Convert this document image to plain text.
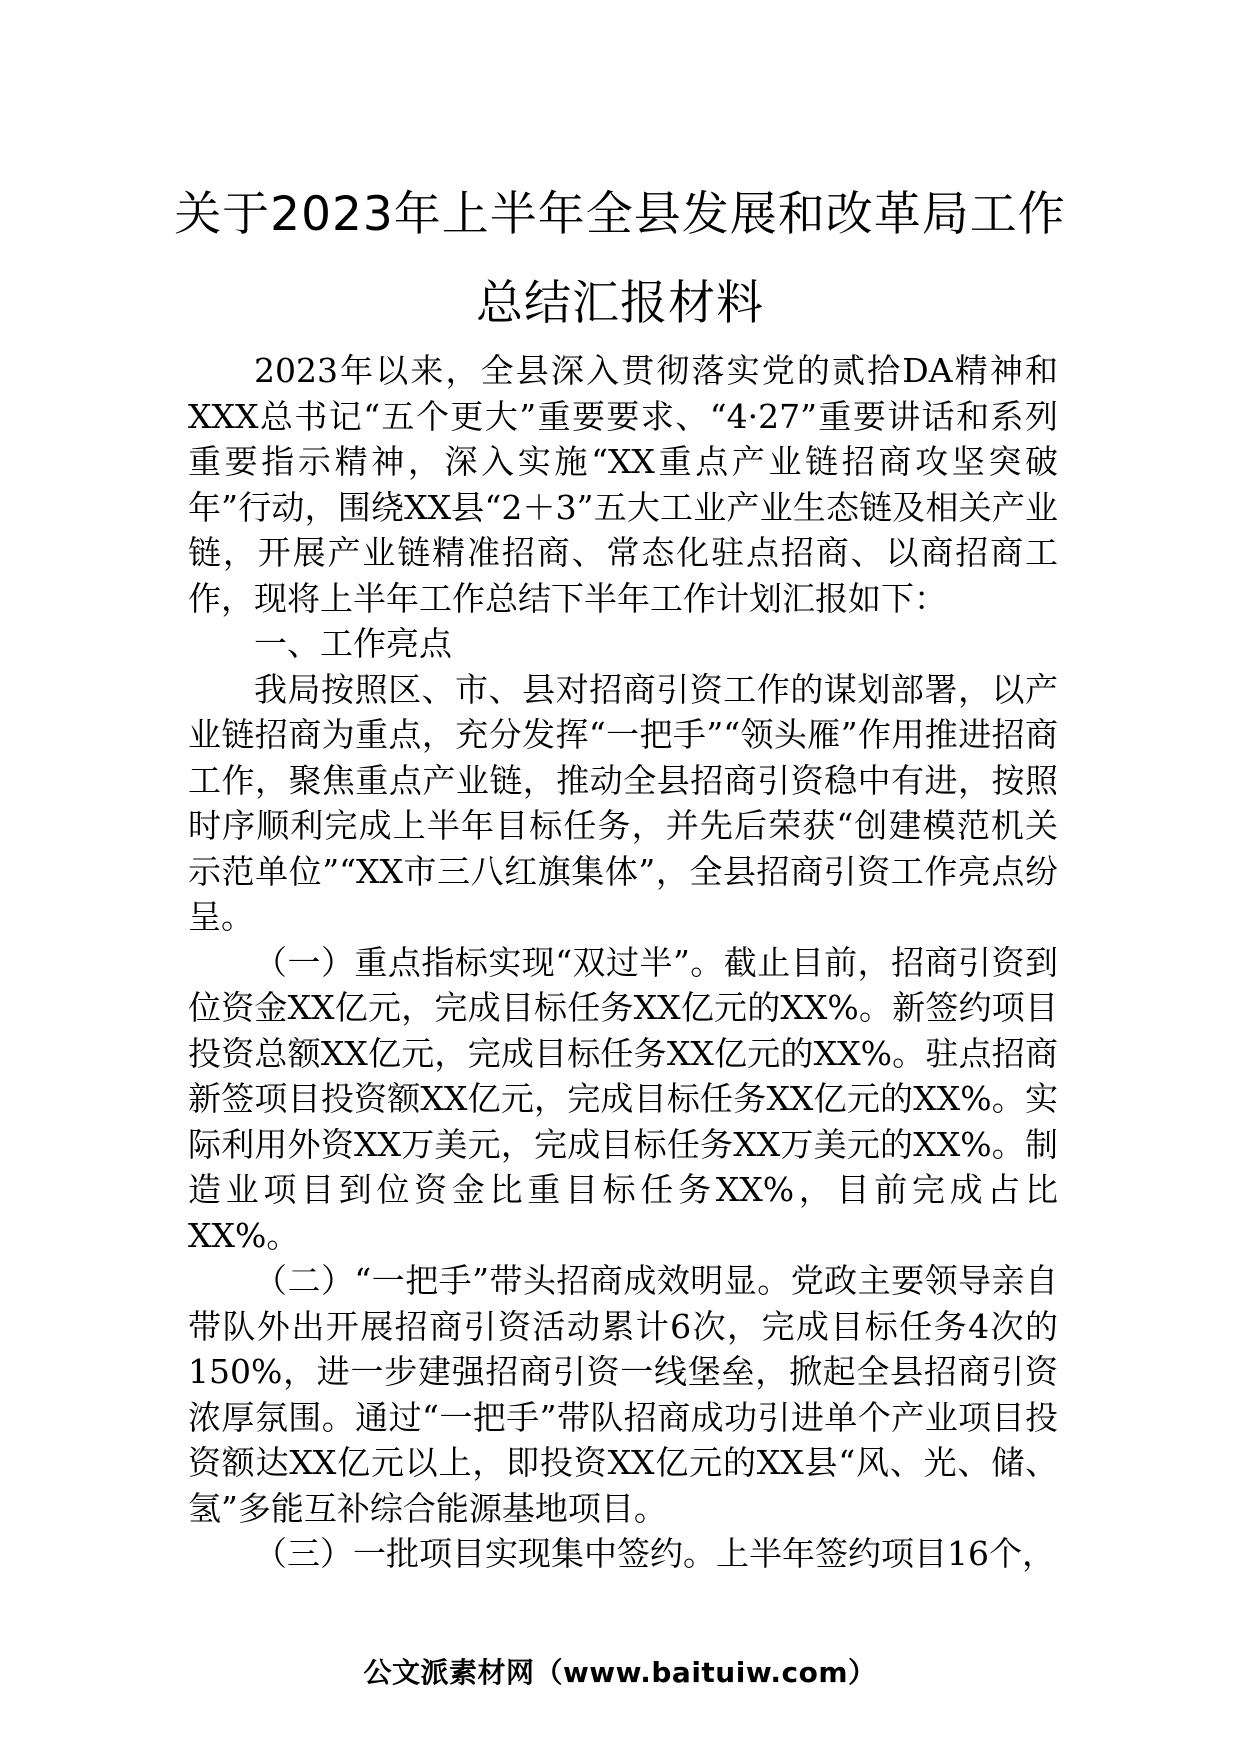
关于2023年上半年全县发展和改革局工作
总结汇报材料

2023年以来，全县深入贯彻落实党的贰拾DA精神和XXX总书记“五个更大”重要要求、“4·27”重要讲话和系列重要指示精神，深入实施“XX重点产业链招商攻坚突破年”行动，围绕XX县“2＋3”五大工业产业生态链及相关产业链，开展产业链精准招商、常态化驻点招商、以商招商工作，现将上半年工作总结下半年工作计划汇报如下：

一、工作亮点

我局按照区、市、县对招商引资工作的谋划部署，以产业链招商为重点，充分发挥“一把手”“领头雁”作用推进招商工作，聚焦重点产业链，推动全县招商引资稳中有进，按照时序顺利完成上半年目标任务，并先后荣获“创建模范机关示范单位”“XX市三八红旗集体”，全县招商引资工作亮点纷呈。

（一）重点指标实现“双过半”。截止目前，招商引资到位资金XX亿元，完成目标任务XX亿元的XX%。新签约项目投资总额XX亿元，完成目标任务XX亿元的XX%。驻点招商新签项目投资额XX亿元，完成目标任务XX亿元的XX%。实际利用外资XX万美元，完成目标任务XX万美元的XX%。制造业项目到位资金比重目标任务XX%，目前完成占比XX%。

（二）“一把手”带头招商成效明显。党政主要领导亲自带队外出开展招商引资活动累计6次，完成目标任务4次的150%，进一步建强招商引资一线堡垒，掀起全县招商引资浓厚氛围。通过“一把手”带队招商成功引进单个产业项目投资额达XX亿元以上，即投资XX亿元的XX县“风、光、储、氢”多能互补综合能源基地项目。

（三）一批项目实现集中签约。上半年签约项目16个，

公文派素材网（www.baituiw.com）
